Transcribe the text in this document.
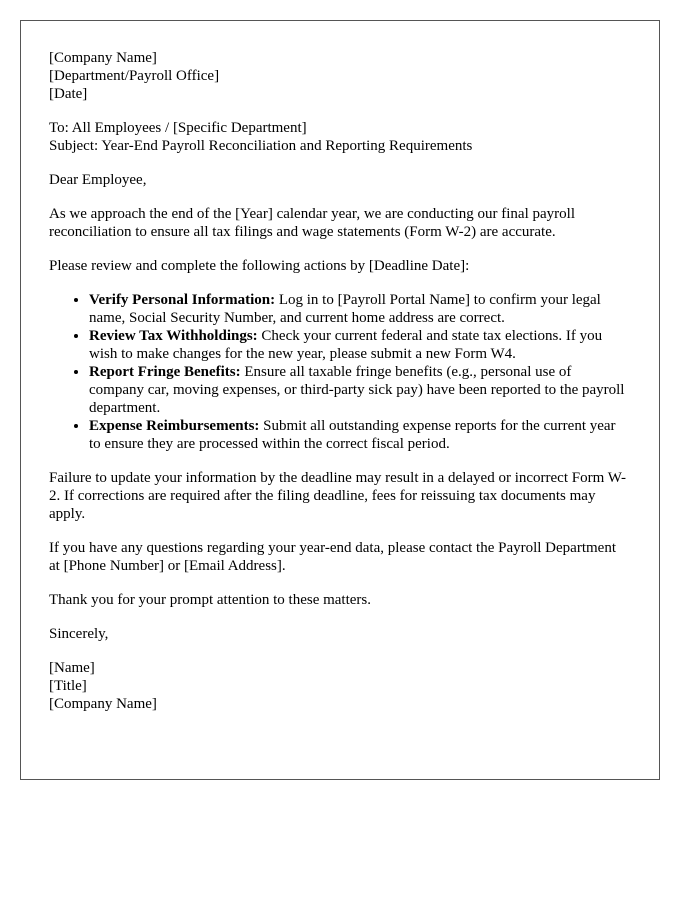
[Company Name]
[Department/Payroll Office]
[Date]
To: All Employees / [Specific Department]
Subject: Year-End Payroll Reconciliation and Reporting Requirements

Dear Employee,

As we approach the end of the [Year] calendar year, we are conducting our final payroll reconciliation to ensure all tax filings and wage statements (Form W-2) are accurate.

Please review and complete the following actions by [Deadline Date]:

• Verify Personal Information: Log in to [Payroll Portal Name] to confirm your legal name, Social Security Number, and current home address are correct.
• Review Tax Withholdings: Check your current federal and state tax elections. If you wish to make changes for the new year, please submit a new Form W4.
• Report Fringe Benefits: Ensure all taxable fringe benefits (e.g., personal use of company car, moving expenses, or third-party sick pay) have been reported to the payroll department.
• Expense Reimbursements: Submit all outstanding expense reports for the current year to ensure they are processed within the correct fiscal period.

Failure to update your information by the deadline may result in a delayed or incorrect Form W-2. If corrections are required after the filing deadline, fees for reissuing tax documents may apply.

If you have any questions regarding your year-end data, please contact the Payroll Department at [Phone Number] or [Email Address].

Thank you for your prompt attention to these matters.

Sincerely,

[Name]
[Title]
[Company Name]
